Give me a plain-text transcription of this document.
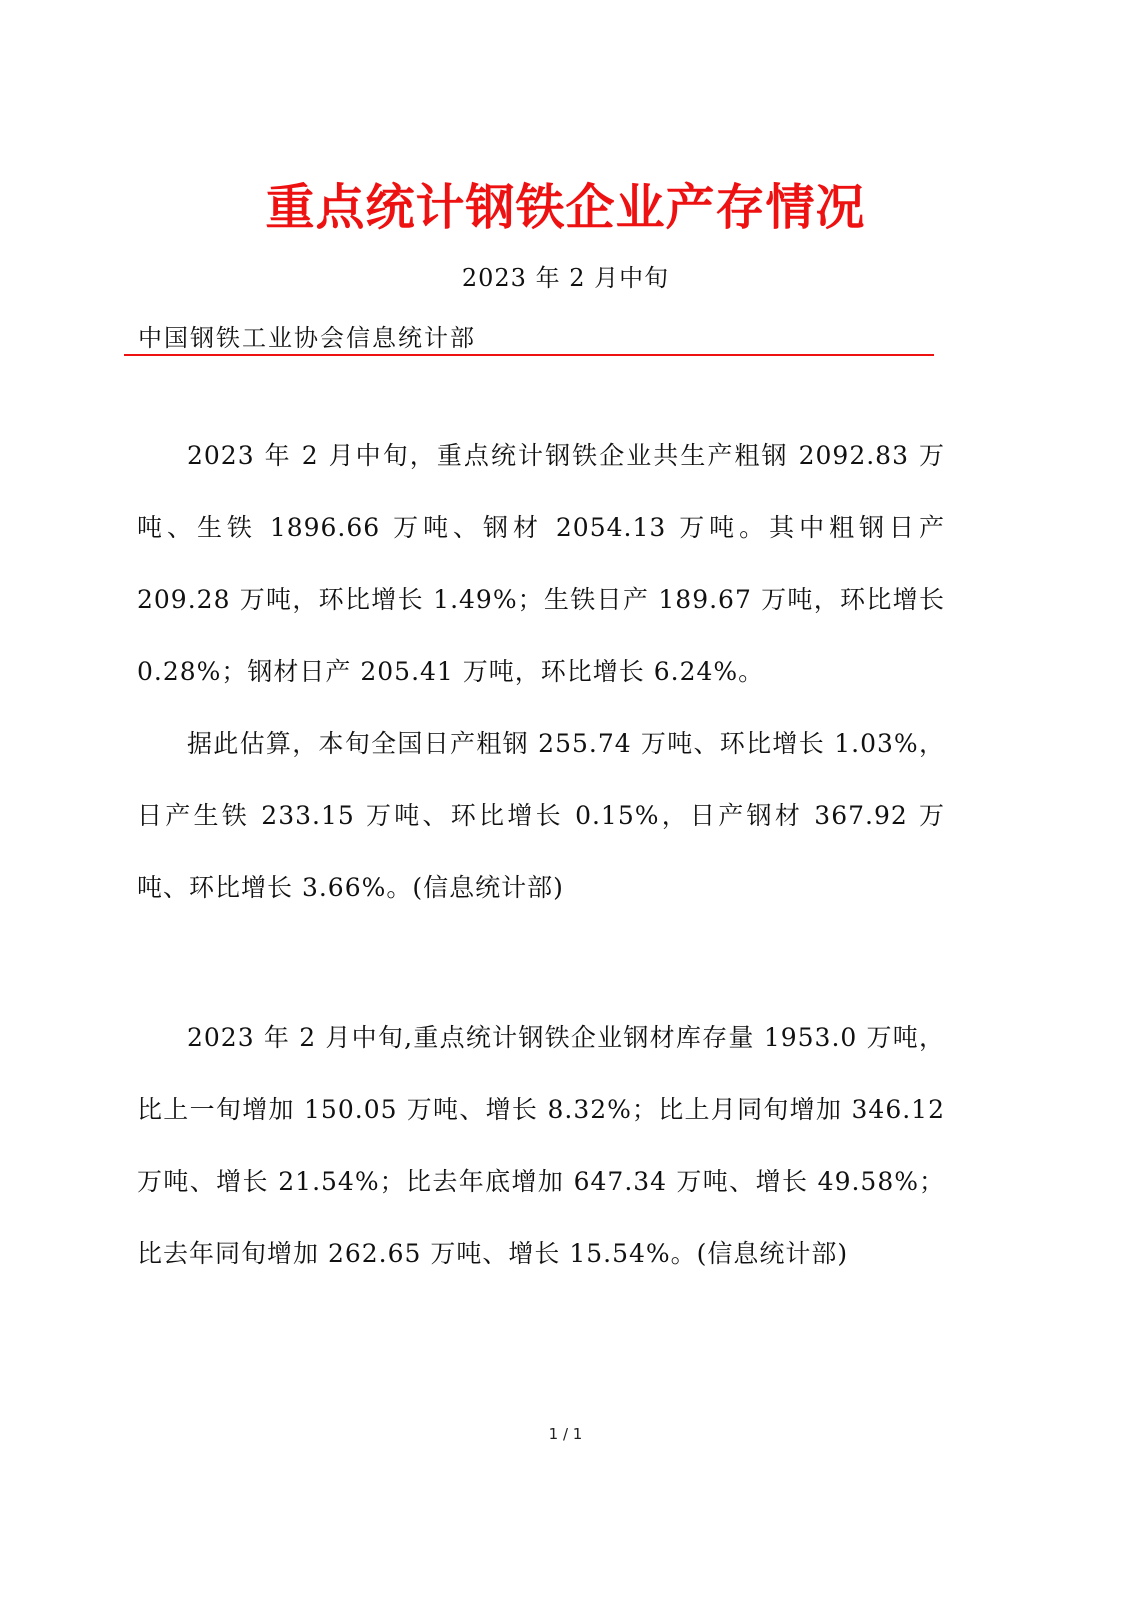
重点统计钢铁企业产存情况
2023 年 2 月中旬
中国钢铁工业协会信息统计部

2023 年 2 月中旬，重点统计钢铁企业共生产粗钢 2092.83 万吨、生铁 1896.66 万吨、钢材 2054.13 万吨。其中粗钢日产 209.28 万吨，环比增长 1.49%；生铁日产 189.67 万吨，环比增长 0.28%；钢材日产 205.41 万吨，环比增长 6.24%。

据此估算，本旬全国日产粗钢 255.74 万吨、环比增长 1.03%，日产生铁 233.15 万吨、环比增长 0.15%，日产钢材 367.92 万吨、环比增长 3.66%。(信息统计部)

2023 年 2 月中旬,重点统计钢铁企业钢材库存量 1953.0 万吨，比上一旬增加 150.05 万吨、增长 8.32%；比上月同旬增加 346.12 万吨、增长 21.54%；比去年底增加 647.34 万吨、增长 49.58%；比去年同旬增加 262.65 万吨、增长 15.54%。(信息统计部)

1 / 1
